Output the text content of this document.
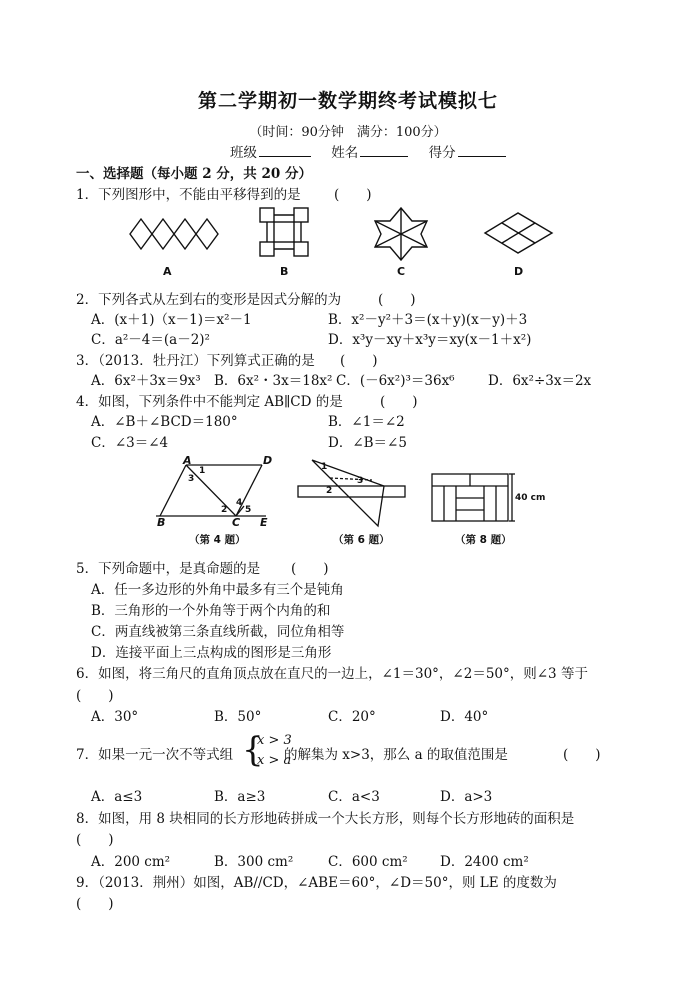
第二学期初一数学期终考试模拟七
（时间：90分钟　满分：100分）
班级	姓名	得分
一、选择题（每小题 2 分，共 20 分）
1．下列图形中，不能由平移得到的是 (　　)
A	B	C	D
2．下列各式从左到右的变形是因式分解的为	(　　)
A．(x＋1)（x－1)＝x²－1	B．x²－y²＋3＝(x＋y)(x－y)＋3
C．a²－4＝(a－2)²	D．x³y－xy＋x³y＝xy(x－1＋x²)
3．（2013．牡丹江）下列算式正确的是 (　　)
A．6x²＋3x＝9x³ B．6x²・3x＝18x² C．(－6x²)³＝36x⁶ D．6x²÷3x＝2x
4．如图，下列条件中不能判定 AB∥CD 的是	(　　)
A．∠B＋∠BCD＝180°	B．∠1＝∠2
C．∠3＝∠4	D．∠B＝∠5
A	D
B	C E
1
3
2
4
5
1
2
3
40 cm
（第 4 题）	（第 6 题）	（第 8 题）
5．下列命题中，是真命题的是 (　　)
A．任一多边形的外角中最多有三个是钝角
B．三角形的一个外角等于两个内角的和
C．两直线被第三条直线所截，同位角相等
D．连接平面上三点构成的图形是三角形
6．如图，将三角尺的直角顶点放在直尺的一边上，∠1＝30°，∠2＝50°，则∠3 等于
(　　)
A．30°	B．50°	C．20°	D．40°
7．如果一元一次不等式组 {
x > 3
x > a
的解集为 x>3，那么 a 的取值范围是	(　　)
A．a≤3	B．a≥3	C．a<3	D．a>3
8．如图，用 8 块相同的长方形地砖拼成一个大长方形，则每个长方形地砖的面积是
(　　)
A．200 cm²	B．300 cm²	C．600 cm² D．2400 cm²
9．（2013．荆州）如图，AB//CD，∠ABE＝60°，∠D＝50°，则 LE 的度数为
(　　)
